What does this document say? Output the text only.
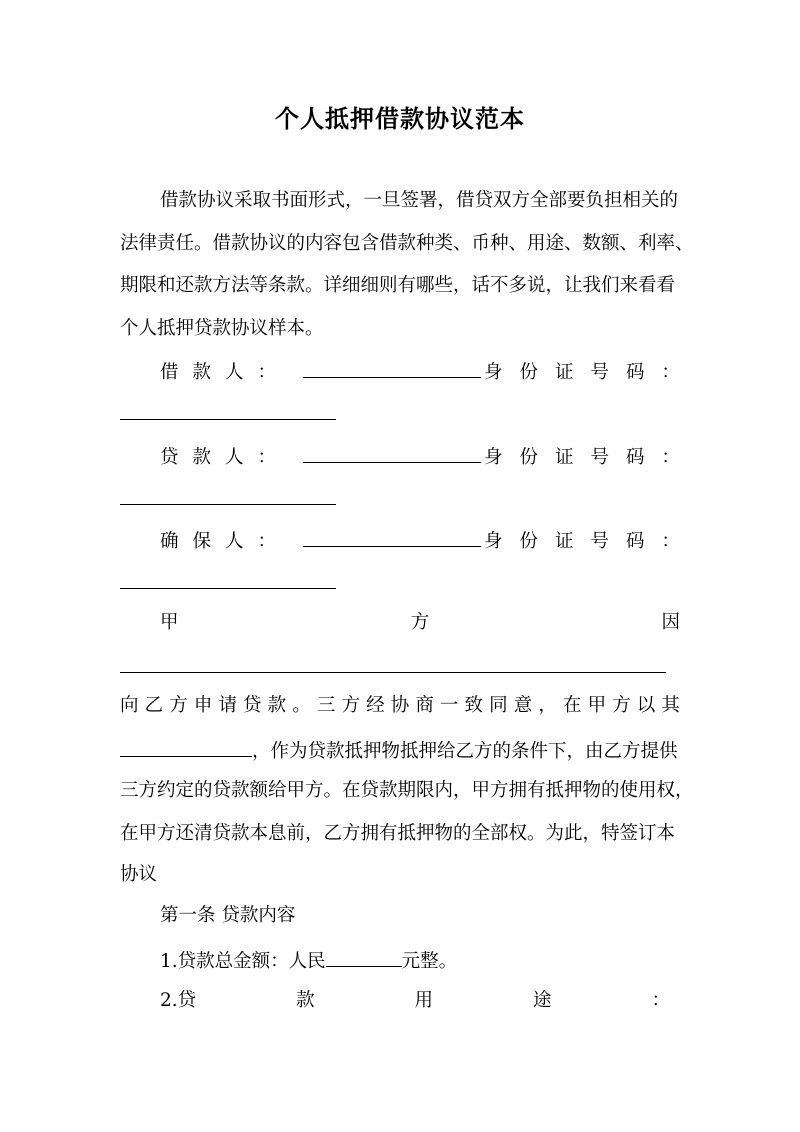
个人抵押借款协议范本
借款协议采取书面形式，一旦签署，借贷双方全部要负担相关的
法律责任。借款协议的内容包含借款种类、币种、用途、数额、利率、
期限和还款方法等条款。详细细则有哪些，话不多说，让我们来看看
个人抵押贷款协议样本。
借 款 人 ：	身 份 证 号 码 ：
贷 款 人 ：	身 份 证 号 码 ：
确 保 人 ：	身 份 证 号 码 ：
甲	方	因
向 乙 方 申 请 贷 款 。 三 方 经 协 商 一 致 同 意 ， 在 甲 方 以 其
，作为贷款抵押物抵押给乙方的条件下，由乙方提供
三方约定的贷款额给甲方。在贷款期限内，甲方拥有抵押物的使用权，
在甲方还清贷款本息前，乙方拥有抵押物的全部权。为此，特签订本
协议
第一条 贷款内容
1.贷款总金额：人民	元整。
2.贷	款	用	途	：
